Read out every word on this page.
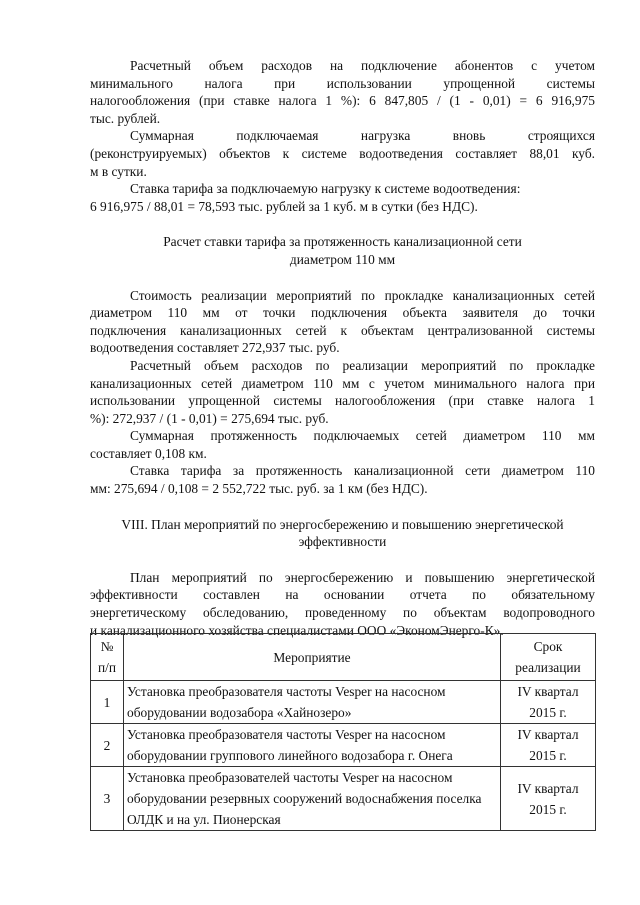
Расчетный объем расходов на подключение абонентов с учетом

минимального налога при использовании упрощенной системы

налогообложения (при ставке налога 1 %): 6 847,805 / (1 - 0,01) = 6 916,975

тыс. рублей.

Суммарная подключаемая нагрузка вновь строящихся

(реконструируемых) объектов к системе водоотведения составляет 88,01 куб.

м в сутки.

Ставка тарифа за подключаемую нагрузку к системе водоотведения:

6 916,975 / 88,01 = 78,593 тыс. рублей за 1 куб. м в сутки (без НДС).

Расчет ставки тарифа за протяженность канализационной сети

диаметром 110 мм

Стоимость реализации мероприятий по прокладке канализационных сетей

диаметром 110 мм от точки подключения объекта заявителя до точки

подключения канализационных сетей к объектам централизованной системы

водоотведения составляет 272,937 тыс. руб.

Расчетный объем расходов по реализации мероприятий по прокладке

канализационных сетей диаметром 110 мм с учетом минимального налога при

использовании упрощенной системы налогообложения (при ставке налога 1

%): 272,937 / (1 - 0,01) = 275,694 тыс. руб.

Суммарная протяженность подключаемых сетей диаметром 110 мм

составляет 0,108 км.

Ставка тарифа за протяженность канализационной сети диаметром 110

мм: 275,694 / 0,108 = 2 552,722 тыс. руб. за 1 км (без НДС).

VIII. План мероприятий по энергосбережению и повышению энергетической

эффективности

План мероприятий по энергосбережению и повышению энергетической

эффективности составлен на основании отчета по обязательному

энергетическому обследованию, проведенному по объектам водопроводного

и канализационного хозяйства специалистами ООО «ЭкономЭнерго-К».

№ п/п	Мероприятие	Срок реализации
1	Установка преобразователя частоты Vesper на насосном оборудовании водозабора «Хайнозеро»	IV квартал 2015 г.
2	Установка преобразователя частоты Vesper на насосном оборудовании группового линейного водозабора г. Онега	IV квартал 2015 г.
3	Установка преобразователей частоты Vesper на насосном оборудовании резервных сооружений водоснабжения поселка ОЛДК и на ул. Пионерская	IV квартал 2015 г.
